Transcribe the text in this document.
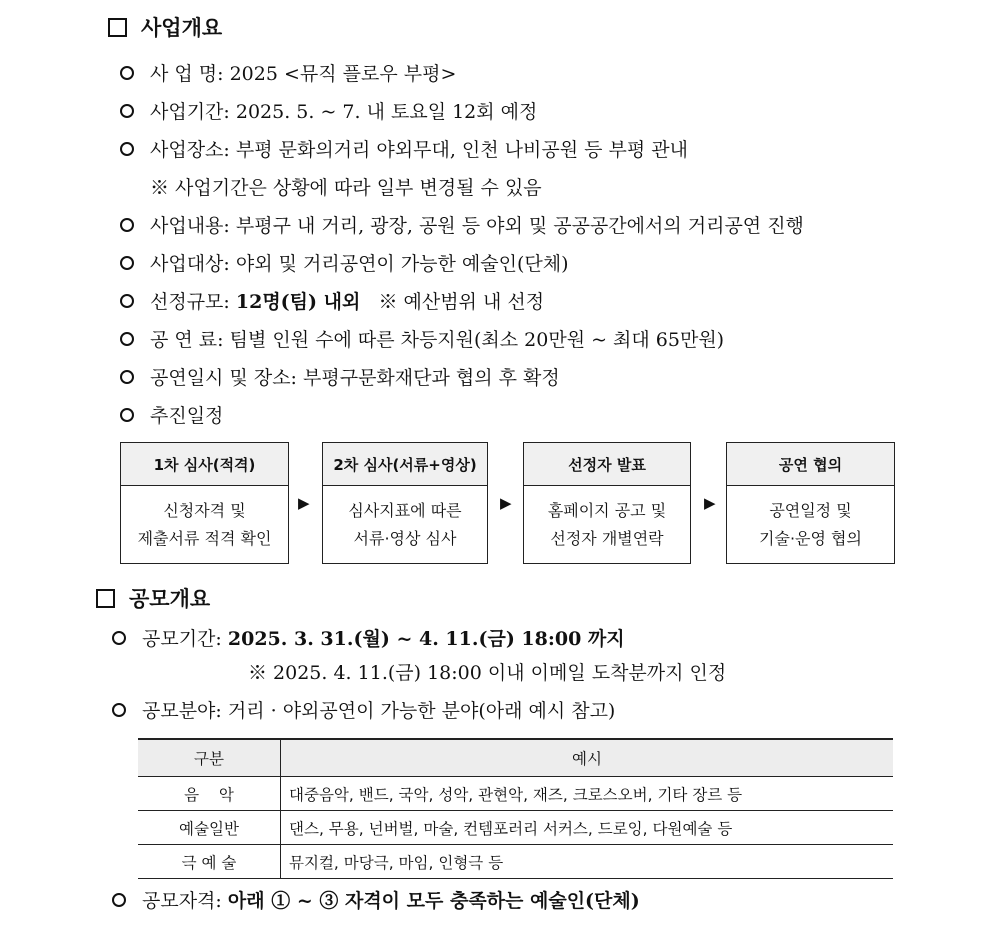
사업개요
사 업 명:
2025 <뮤직 플로우 부평>
사업기간:
2025. 5. ~ 7. 내 토요일 12회 예정
사업장소:
부평 문화의거리 야외무대, 인천 나비공원 등 부평 관내
※ 사업기간은 상황에 따라 일부 변경될 수 있음
사업내용:
부평구 내 거리, 광장, 공원 등 야외 및 공공공간에서의 거리공연 진행
사업대상:
야외 및 거리공연이 가능한 예술인(단체)
선정규모:
12명(팀) 내외
※ 예산범위 내 선정
공 연 료:
팀별 인원 수에 따른 차등지원(최소 20만원 ~ 최대 65만원)
공연일시 및 장소:
부평구문화재단과 협의 후 확정
추진일정
1차 심사(적격)
신청자격 및
제출서류 적격 확인
▶
2차 심사(서류+영상)
심사지표에 따른
서류·영상 심사
▶
선정자 발표
홈페이지 공고 및
선정자 개별연락
▶
공연 협의
공연일정 및
기술·운영 협의
공모개요
공모기간:
2025. 3. 31.(월) ~ 4. 11.(금) 18:00 까지
※ 2025. 4. 11.(금) 18:00 이내 이메일 도착분까지 인정
공모분야:
거리 · 야외공연이 가능한 분야(아래 예시 참고)
구분	예시
음    악	대중음악, 밴드, 국악, 성악, 관현악, 재즈, 크로스오버, 기타 장르 등
예술일반	댄스, 무용, 넌버벌, 마술, 컨템포러리 서커스, 드로잉, 다원예술 등
극 예 술	뮤지컬, 마당극, 마임, 인형극 등
공모자격:
아래 ① ~ ③ 자격이 모두 충족하는 예술인(단체)
